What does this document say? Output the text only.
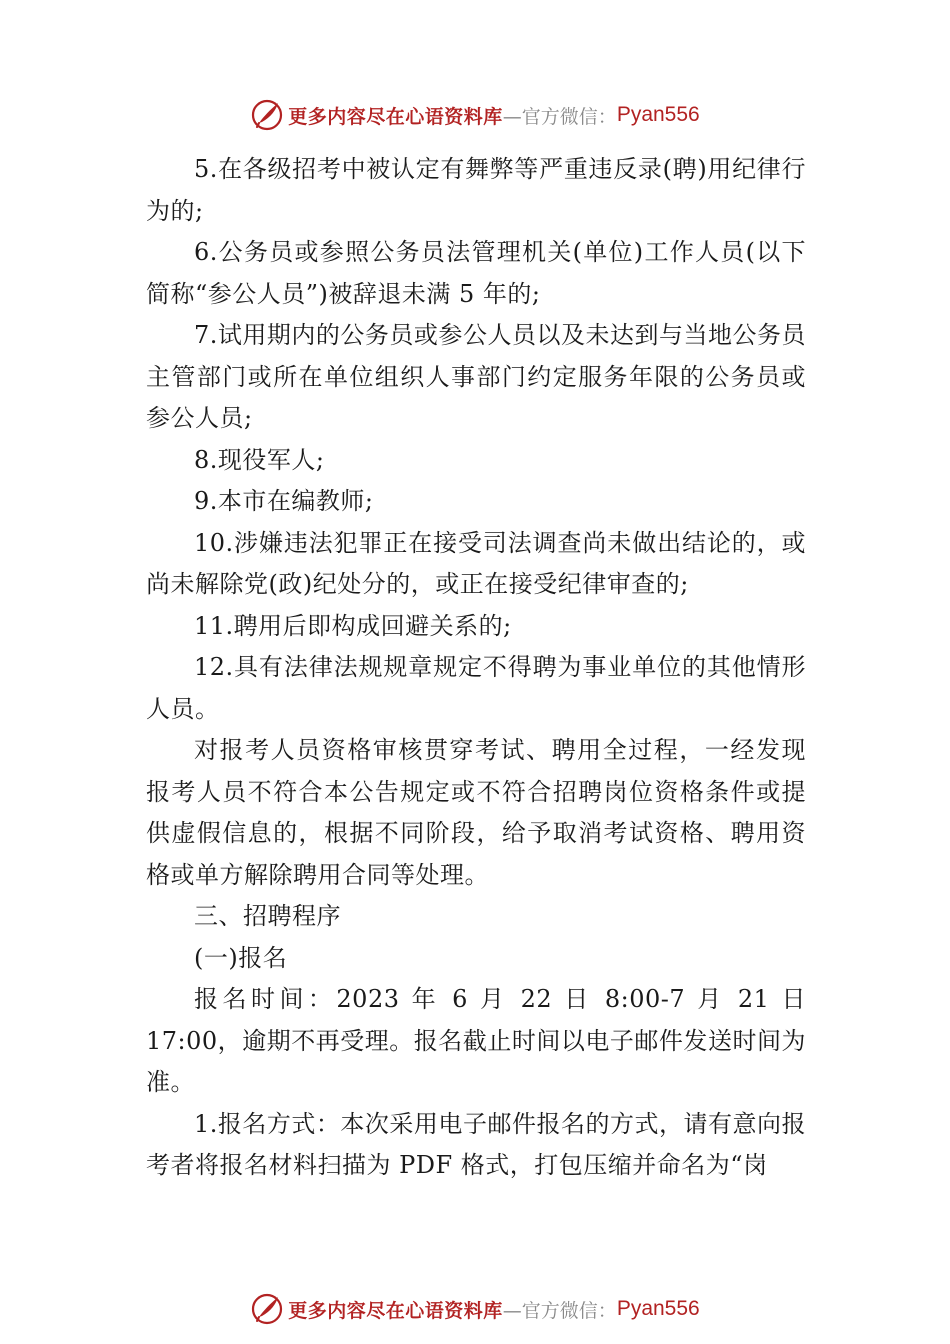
更多内容尽在心语资料库 —官方微信： Pyan556

5.在各级招考中被认定有舞弊等严重违反录(聘)用纪律行为的;

6.公务员或参照公务员法管理机关(单位)工作人员(以下简称“参公人员”)被辞退未满 5 年的;

7.试用期内的公务员或参公人员以及未达到与当地公务员主管部门或所在单位组织人事部门约定服务年限的公务员或参公人员;

8.现役军人;

9.本市在编教师;

10.涉嫌违法犯罪正在接受司法调查尚未做出结论的，或尚未解除党(政)纪处分的，或正在接受纪律审查的;

11.聘用后即构成回避关系的;

12.具有法律法规规章规定不得聘为事业单位的其他情形人员。

对报考人员资格审核贯穿考试、聘用全过程，一经发现报考人员不符合本公告规定或不符合招聘岗位资格条件或提供虚假信息的，根据不同阶段，给予取消考试资格、聘用资格或单方解除聘用合同等处理。

三、招聘程序

(一)报名

报名时间：2023 年 6 月 22 日 8:00-7 月 21 日 17:00，逾期不再受理。报名截止时间以电子邮件发送时间为准。

1.报名方式：本次采用电子邮件报名的方式，请有意向报考者将报名材料扫描为 PDF 格式，打包压缩并命名为“岗

更多内容尽在心语资料库 —官方微信： Pyan556
